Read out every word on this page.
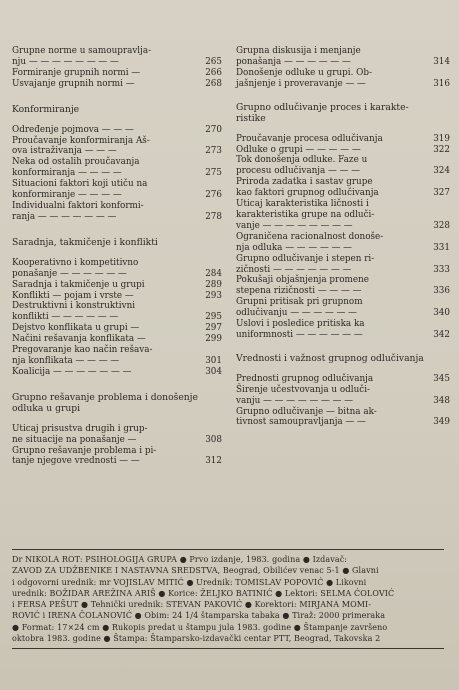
Grupne norme u samoupravlja-
nju — — — — — — — —	265
Formiranje grupnih normi —	266
Usvajanje grupnih normi —	268
Konformiranje
Određenje pojmova — — —	270
Proučavanje konformiranja Aš-
ova istraživanja — — —	273
Neka od ostalih proučavanja
konformiranja — — — —	275
Situacioni faktori koji utiču na
konformiranje — — — —	276
Individualni faktori konformi-
ranja — — — — — — —	278
Saradnja, takmičenje i konflikti
Kooperativno i kompetitivno
ponašanje — — — — — —	284
Saradnja i takmičenje u grupi	289
Konflikti — pojam i vrste —	293
Destruktivni i konstruktivni
konflikti — — — — — —	295
Dejstvo konflikata u grupi —	297
Načini rešavanja konflikata —	299
Pregovaranje kao način rešava-
nja konflikata — — — —	301
Koalicija — — — — — — —	304
Grupno rešavanje problema i donošenje
odluka u grupi
Uticaj prisustva drugih i grup-
ne situacije na ponašanje —	308
Grupno rešavanje problema i pi-
tanje njegove vrednosti — —	312
Grupna diskusija i menjanje
ponašanja — — — — — —	314
Donošenje odluke u grupi. Ob-
jašnjenje i proveravanje — —	316
Grupno odlučivanje proces i karakte-
ristike
Proučavanje procesa odlučivanja	319
Odluke o grupi — — — — —	322
Tok donošenja odluke. Faze u
procesu odlučivanja — — —	324
Priroda zadatka i sastav grupe
kao faktori grupnog odlučivanja	327
Uticaj karakteristika ličnosti i
karakteristika grupe na odluči-
vanje — — — — — — — —	328
Ograničena racionalnost donoše-
nja odluka — — — — — —	331
Grupno odlučivanje i stepen ri-
zičnosti — — — — — — —	333
Pokušaji objašnjenja promene
stepena rizičnosti — — — —	336
Grupni pritisak pri grupnom
odlučivanju — — — — — —	340
Uslovi i posledice pritiska ka
uniformnosti — — — — — —	342
Vrednosti i važnost grupnog odlučivanja
Prednosti grupnog odlučivanja	345
Širenje učestvovanja u odluči-
vanju — — — — — — — —	348
Grupno odlučivanje — bitna ak-
tivnost samoupravljanja — —	349
Dr NIKOLA ROT: PSIHOLOGIJA GRUPA ● Prvo izdanje, 1983. godina ● Izdavač:
ZAVOD ZA UDŽBENIKE I NASTAVNA SREDSTVA, Beograd, Obilićev venac 5-1 ● Glavni
i odgovorni urednik: mr VOJISLAV MITIĆ ● Urednik: TOMISLAV POPOVIĆ ● Likovni
urednik: BOŽIDAR AREŽINA ARIŠ ● Korice: ŽELJKO BATINIĆ ● Lektori: SELMA ĆOLOVIĆ
i FERSA PEŠUT ● Tehnički urednik: STEVAN PAKOVIĆ ● Korektori: MIRJANA MOMI-
ROVIĆ i IRENA ČOLANOVIĆ ● Obim: 24 1/4 štamparska tabaka ● Tiraž: 2000 primeraka
● Format: 17×24 cm ● Rukopis predat u štampu jula 1983. godine ● Štampanje završeno
oktobra 1983. godine ● Štampa: Štamparsko-izdavački centar PTT, Beograd, Takovska 2
